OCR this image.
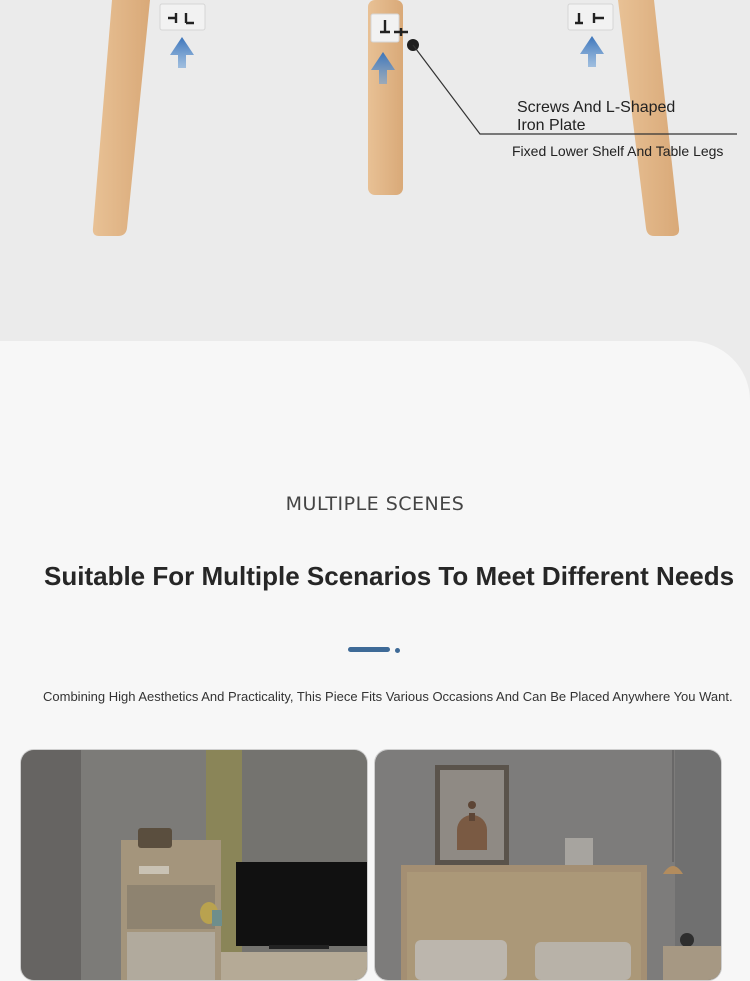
Screws And L-Shaped
Iron Plate
Fixed Lower Shelf And Table Legs
MULTIPLE SCENES
Suitable For Multiple Scenarios To Meet Different Needs
Combining High Aesthetics And Practicality, This Piece Fits Various Occasions And Can Be Placed Anywhere You Want.
